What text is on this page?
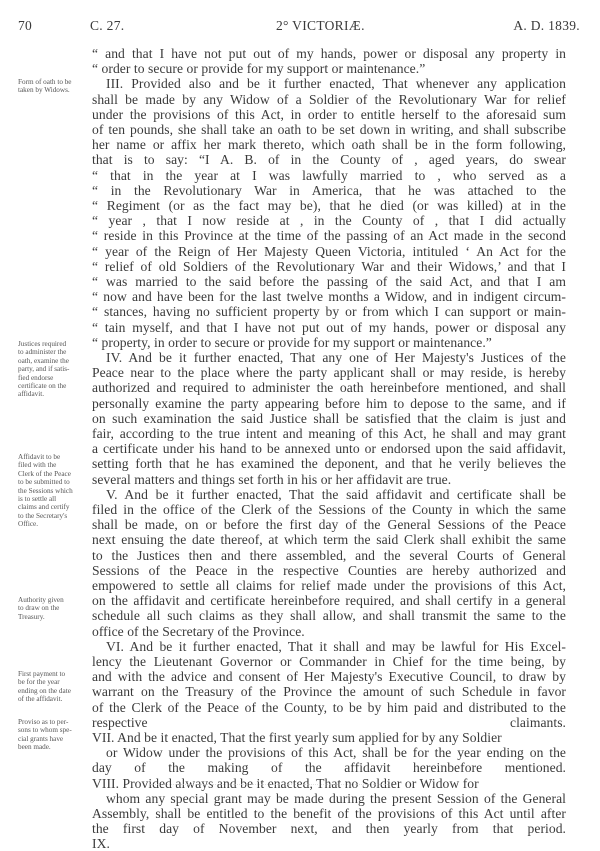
70	C. 27.	2° VICTORIÆ.	A. D. 1839.
Form of oath to be
taken by Widows.
Justices required
to administer the
oath, examine the
party, and if satis-
fied endorse
certificate on the
affidavit.
Affidavit to be
filed with the
Clerk of the Peace
to be submitted to
the Sessions which
is to settle all
claims and certify
to the Secretary's
Office.
Authority given
to draw on the
Treasury.
First payment to
be for the year
ending on the date
of the affidavit.
Proviso as to per-
sons to whom spe-
cial grants have
been made.
“ and that I have not put out of my hands, power or disposal any property in
“ order to secure or provide for my support or maintenance.”
III. Provided also and be it further enacted, That whenever any application
shall be made by any Widow of a Soldier of the Revolutionary War for relief
under the provisions of this Act, in order to entitle herself to the aforesaid sum
of ten pounds, she shall take an oath to be set down in writing, and shall subscribe
her name or affix her mark thereto, which oath shall be in the form following,
that is to say: “I A. B. of in the County of , aged years, do swear
“ that in the year at I was lawfully married to , who served as a
“ in the Revolutionary War in America, that he was attached to the
“ Regiment (or as the fact may be), that he died (or was killed) at in the
“ year , that I now reside at , in the County of , that I did actually
“ reside in this Province at the time of the passing of an Act made in the second
“ year of the Reign of Her Majesty Queen Victoria, intituled ‘ An Act for the
“ relief of old Soldiers of the Revolutionary War and their Widows,’ and that I
“ was married to the said before the passing of the said Act, and that I am
“ now and have been for the last twelve months a Widow, and in indigent circum-
“ stances, having no sufficient property by or from which I can support or main-
“ tain myself, and that I have not put out of my hands, power or disposal any
“ property, in order to secure or provide for my support or maintenance.”
IV. And be it further enacted, That any one of Her Majesty's Justices of the
Peace near to the place where the party applicant shall or may reside, is hereby
authorized and required to administer the oath hereinbefore mentioned, and shall
personally examine the party appearing before him to depose to the same, and if
on such examination the said Justice shall be satisfied that the claim is just and
fair, according to the true intent and meaning of this Act, he shall and may grant
a certificate under his hand to be annexed unto or endorsed upon the said affidavit,
setting forth that he has examined the deponent, and that he verily believes the
several matters and things set forth in his or her affidavit are true.
V. And be it further enacted, That the said affidavit and certificate shall be
filed in the office of the Clerk of the Sessions of the County in which the same
shall be made, on or before the first day of the General Sessions of the Peace
next ensuing the date thereof, at which term the said Clerk shall exhibit the same
to the Justices then and there assembled, and the several Courts of General
Sessions of the Peace in the respective Counties are hereby authorized and
empowered to settle all claims for relief made under the provisions of this Act,
on the affidavit and certificate hereinbefore required, and shall certify in a general
schedule all such claims as they shall allow, and shall transmit the same to the
office of the Secretary of the Province.
VI. And be it further enacted, That it shall and may be lawful for His Excel-
lency the Lieutenant Governor or Commander in Chief for the time being, by
and with the advice and consent of Her Majesty's Executive Council, to draw by
warrant on the Treasury of the Province the amount of such Schedule in favor
of the Clerk of the Peace of the County, to be by him paid and distributed to the
respective claimants.
VII. And be it enacted, That the first yearly sum applied for by any Soldier
or Widow under the provisions of this Act, shall be for the year ending on the
day of the making of the affidavit hereinbefore mentioned.
VIII. Provided always and be it enacted, That no Soldier or Widow for
whom any special grant may be made during the present Session of the General
Assembly, shall be entitled to the benefit of the provisions of this Act until after
the first day of November next, and then yearly from that period.
IX.
